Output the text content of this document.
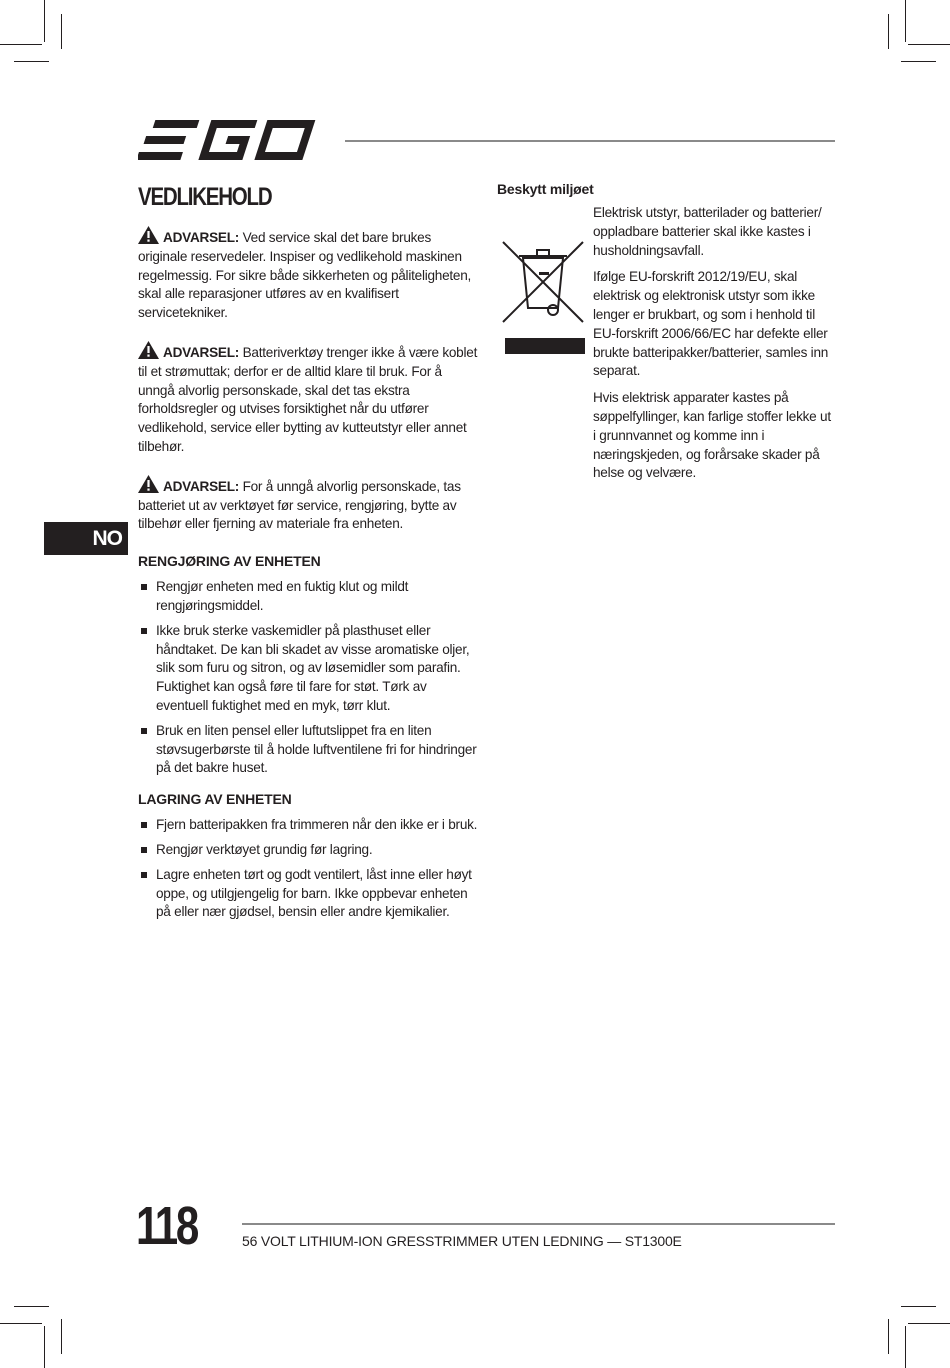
NO
VEDLIKEHOLD

ADVARSEL: Ved service skal det bare brukes originale reservedeler. Inspiser og vedlikehold maskinen regelmessig. For sikre både sikkerheten og påliteligheten, skal alle reparasjoner utføres av en kvalifisert servicetekniker.

ADVARSEL: Batteriverktøy trenger ikke å være koblet til et strømuttak; derfor er de alltid klare til bruk. For å unngå alvorlig personskade, skal det tas ekstra forholdsregler og utvises forsiktighet når du utfører vedlikehold, service eller bytting av kutteutstyr eller annet tilbehør.

ADVARSEL: For å unngå alvorlig personskade, tas batteriet ut av verktøyet før service, rengjøring, bytte av tilbehør eller fjerning av materiale fra enheten.

RENGJØRING AV ENHETEN
Rengjør enheten med en fuktig klut og mildt rengjøringsmiddel.
Ikke bruk sterke vaskemidler på plasthuset eller håndtaket. De kan bli skadet av visse aromatiske oljer, slik som furu og sitron, og av løsemidler som parafin. Fuktighet kan også føre til fare for støt. Tørk av eventuell fuktighet med en myk, tørr klut.
Bruk en liten pensel eller luftutslippet fra en liten støvsugerbørste til å holde luftventilene fri for hindringer på det bakre huset.
LAGRING AV ENHETEN
Fjern batteripakken fra trimmeren når den ikke er i bruk.
Rengjør verktøyet grundig før lagring.
Lagre enheten tørt og godt ventilert, låst inne eller høyt oppe, og utilgjengelig for barn. Ikke oppbevar enheten på eller nær gjødsel, bensin eller andre kjemikalier.
Beskytt miljøet

Elektrisk utstyr, batterilader og batterier/ oppladbare batterier skal ikke kastes i husholdningsavfall.

Ifølge EU-forskrift 2012/19/EU, skal elektrisk og elektronisk utstyr som ikke lenger er brukbart, og som i henhold til EU-forskrift 2006/66/EC har defekte eller brukte batteripakker/batterier, samles inn separat.

Hvis elektrisk apparater kastes på søppelfyllinger, kan farlige stoffer lekke ut i grunnvannet og komme inn i næringskjeden, og forårsake skader på helse og velvære.

118	56 VOLT LITHIUM-ION GRESSTRIMMER UTEN LEDNING — ST1300E
